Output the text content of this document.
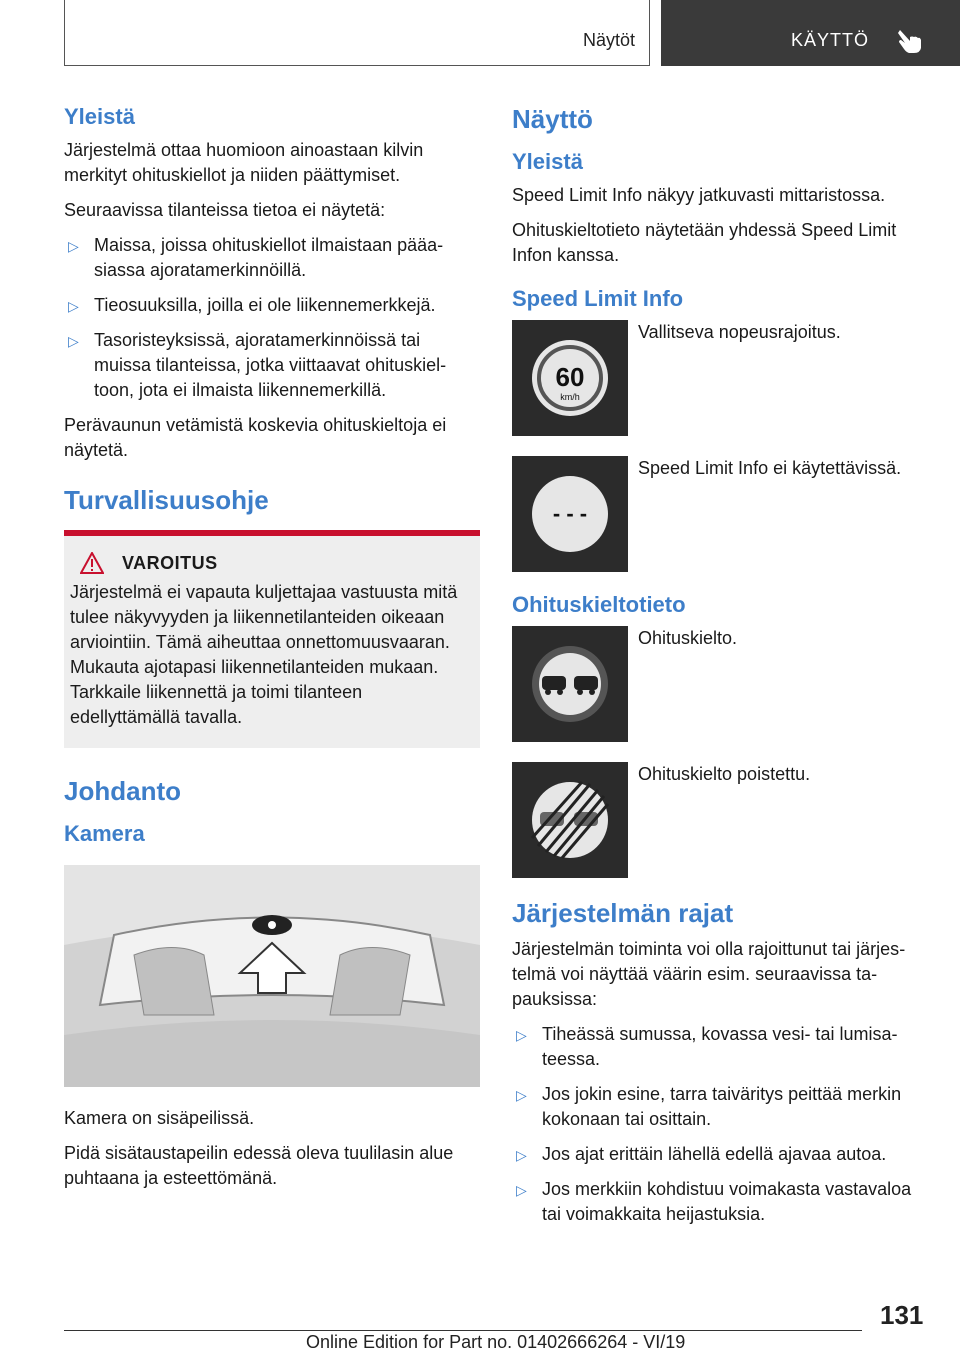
Näytöt	KÄYTTÖ
Yleistä
Järjestelmä ottaa huomioon ainoastaan kilvin merkityt ohituskiellot ja niiden päättymiset.
Seuraavissa tilanteissa tietoa ei näytetä:
▷ Maissa, joissa ohituskiellot ilmaistaan pääasiassa ajoratamerkinnöillä.
▷ Tieosuuksilla, joilla ei ole liikennemerkkejä.
▷ Tasoristeyksissä, ajoratamerkinnöissä tai muissa tilanteissa, jotka viittaavat ohituskieltoon, jota ei ilmaista liikennemerkillä.
Perävaunun vetämistä koskevia ohituskieltoja ei näytetä.
Turvallisuusohje
VAROITUS
Järjestelmä ei vapauta kuljettajaa vastuusta mitä tulee näkyvyyden ja liikennetilanteiden oikeaan arviointiin. Tämä aiheuttaa onnettomuusvaaran. Mukauta ajotapasi liikennetilanteiden mukaan. Tarkkaile liikennettä ja toimi tilanteen edellyttämällä tavalla.
Johdanto
Kamera
Kamera on sisäpeilissä.
Pidä sisätaustapeilin edessä oleva tuulilasin alue puhtaana ja esteettömänä.
Näyttö
Yleistä
Speed Limit Info näkyy jatkuvasti mittaristossa.
Ohituskieltotieto näytetään yhdessä Speed Limit Infon kanssa.
Speed Limit Info
60
km/h
Vallitseva nopeusrajoitus.
- - -
Speed Limit Info ei käytettävissä.
Ohituskieltotieto
Ohituskielto.
Ohituskielto poistettu.
Järjestelmän rajat
Järjestelmän toiminta voi olla rajoittunut tai järjestelmä voi näyttää väärin esim. seuraavissa tapauksissa:
▷ Tiheässä sumussa, kovassa vesi- tai lumisateessa.
▷ Jos jokin esine, tarra taiväritys peittää merkin kokonaan tai osittain.
▷ Jos ajat erittäin lähellä edellä ajavaa autoa.
▷ Jos merkkiin kohdistuu voimakasta vastavaloa tai voimakkaita heijastuksia.
131
Online Edition for Part no. 01402666264 - VI/19
